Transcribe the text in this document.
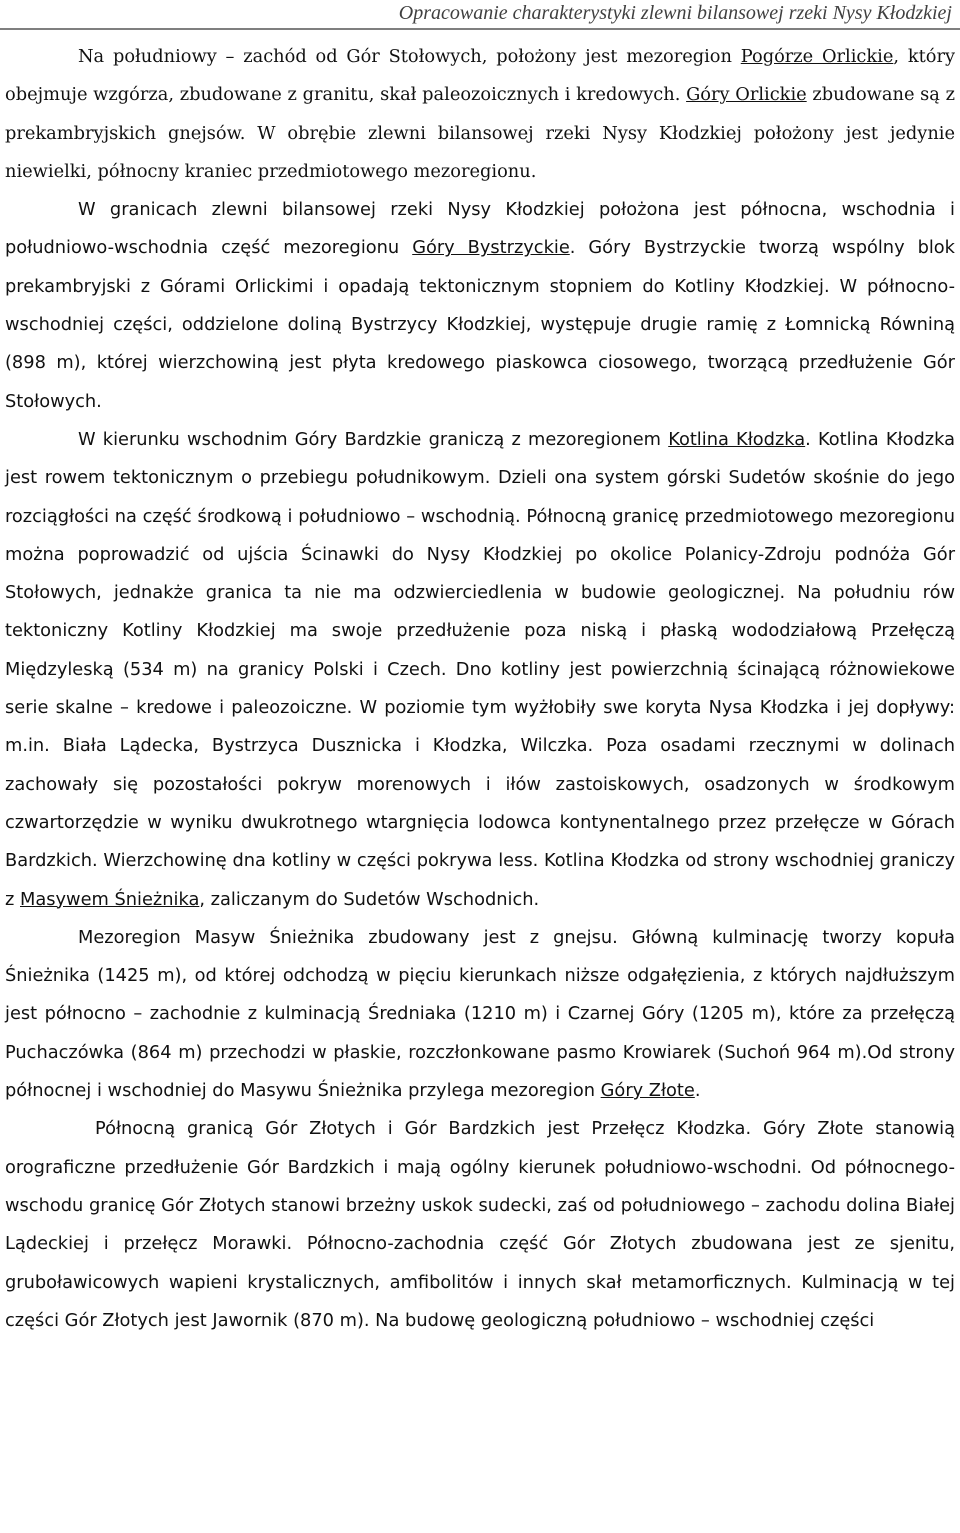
Opracowanie charakterystyki zlewni bilansowej rzeki Nysy Kłodzkiej

Na południowy – zachód od Gór Stołowych, położony jest mezoregion Pogórze Orlickie, który obejmuje wzgórza, zbudowane z granitu, skał paleozoicznych i kredowych. Góry Orlickie zbudowane są z prekambryjskich gnejsów. W obrębie zlewni bilansowej rzeki Nysy Kłodzkiej położony jest jedynie niewielki, północny kraniec przedmiotowego mezoregionu.

W granicach zlewni bilansowej rzeki Nysy Kłodzkiej położona jest północna, wschodnia i południowo-wschodnia część mezoregionu Góry Bystrzyckie. Góry Bystrzyckie tworzą wspólny blok prekambryjski z Górami Orlickimi i opadają tektonicznym stopniem do Kotliny Kłodzkiej. W północno-wschodniej części, oddzielone doliną Bystrzycy Kłodzkiej, występuje drugie ramię z Łomnicką Równiną (898 m), której wierzchowiną jest płyta kredowego piaskowca ciosowego, tworzącą przedłużenie Gór Stołowych.

W kierunku wschodnim Góry Bardzkie graniczą z mezoregionem Kotlina Kłodzka. Kotlina Kłodzka jest rowem tektonicznym o przebiegu południkowym. Dzieli ona system górski Sudetów skośnie do jego rozciągłości na część środkową i południowo – wschodnią. Północną granicę przedmiotowego mezoregionu można poprowadzić od ujścia Ścinawki do Nysy Kłodzkiej po okolice Polanicy-Zdroju podnóża Gór Stołowych, jednakże granica ta nie ma odzwierciedlenia w budowie geologicznej. Na południu rów tektoniczny Kotliny Kłodzkiej ma swoje przedłużenie poza niską i płaską wododziałową Przełęczą Międzyleską (534 m) na granicy Polski i Czech. Dno kotliny jest powierzchnią ścinającą różnowiekowe serie skalne – kredowe i paleozoiczne. W poziomie tym wyżłobiły swe koryta Nysa Kłodzka i jej dopływy: m.in. Biała Lądecka, Bystrzyca Dusznicka i Kłodzka, Wilczka. Poza osadami rzecznymi w dolinach zachowały się pozostałości pokryw morenowych i iłów zastoiskowych, osadzonych w środkowym czwartorzędzie w wyniku dwukrotnego wtargnięcia lodowca kontynentalnego przez przełęcze w Górach Bardzkich. Wierzchowinę dna kotliny w części pokrywa less. Kotlina Kłodzka od strony wschodniej graniczy z Masywem Śnieżnika, zaliczanym do Sudetów Wschodnich.

Mezoregion Masyw Śnieżnika zbudowany jest z gnejsu. Główną kulminację tworzy kopuła Śnieżnika (1425 m), od której odchodzą w pięciu kierunkach niższe odgałęzienia, z których najdłuższym jest północno – zachodnie z kulminacją Średniaka (1210 m) i Czarnej Góry (1205 m), które za przełęczą Puchaczówka (864 m) przechodzi w płaskie, rozczłonkowane pasmo Krowiarek (Suchoń 964 m).Od strony północnej i wschodniej do Masywu Śnieżnika przylega mezoregion Góry Złote.

Północną granicą Gór Złotych i Gór Bardzkich jest Przełęcz Kłodzka. Góry Złote stanowią orograficzne przedłużenie Gór Bardzkich i mają ogólny kierunek południowo-wschodni. Od północnego-wschodu granicę Gór Złotych stanowi brzeżny uskok sudecki, zaś od południowego – zachodu dolina Białej Lądeckiej i przełęcz Morawki. Północno-zachodnia część Gór Złotych zbudowana jest ze sjenitu, gruboławicowych wapieni krystalicznych, amfibolitów i innych skał metamorficznych. Kulminacją w tej części Gór Złotych jest Jawornik (870 m). Na budowę geologiczną południowo – wschodniej części
